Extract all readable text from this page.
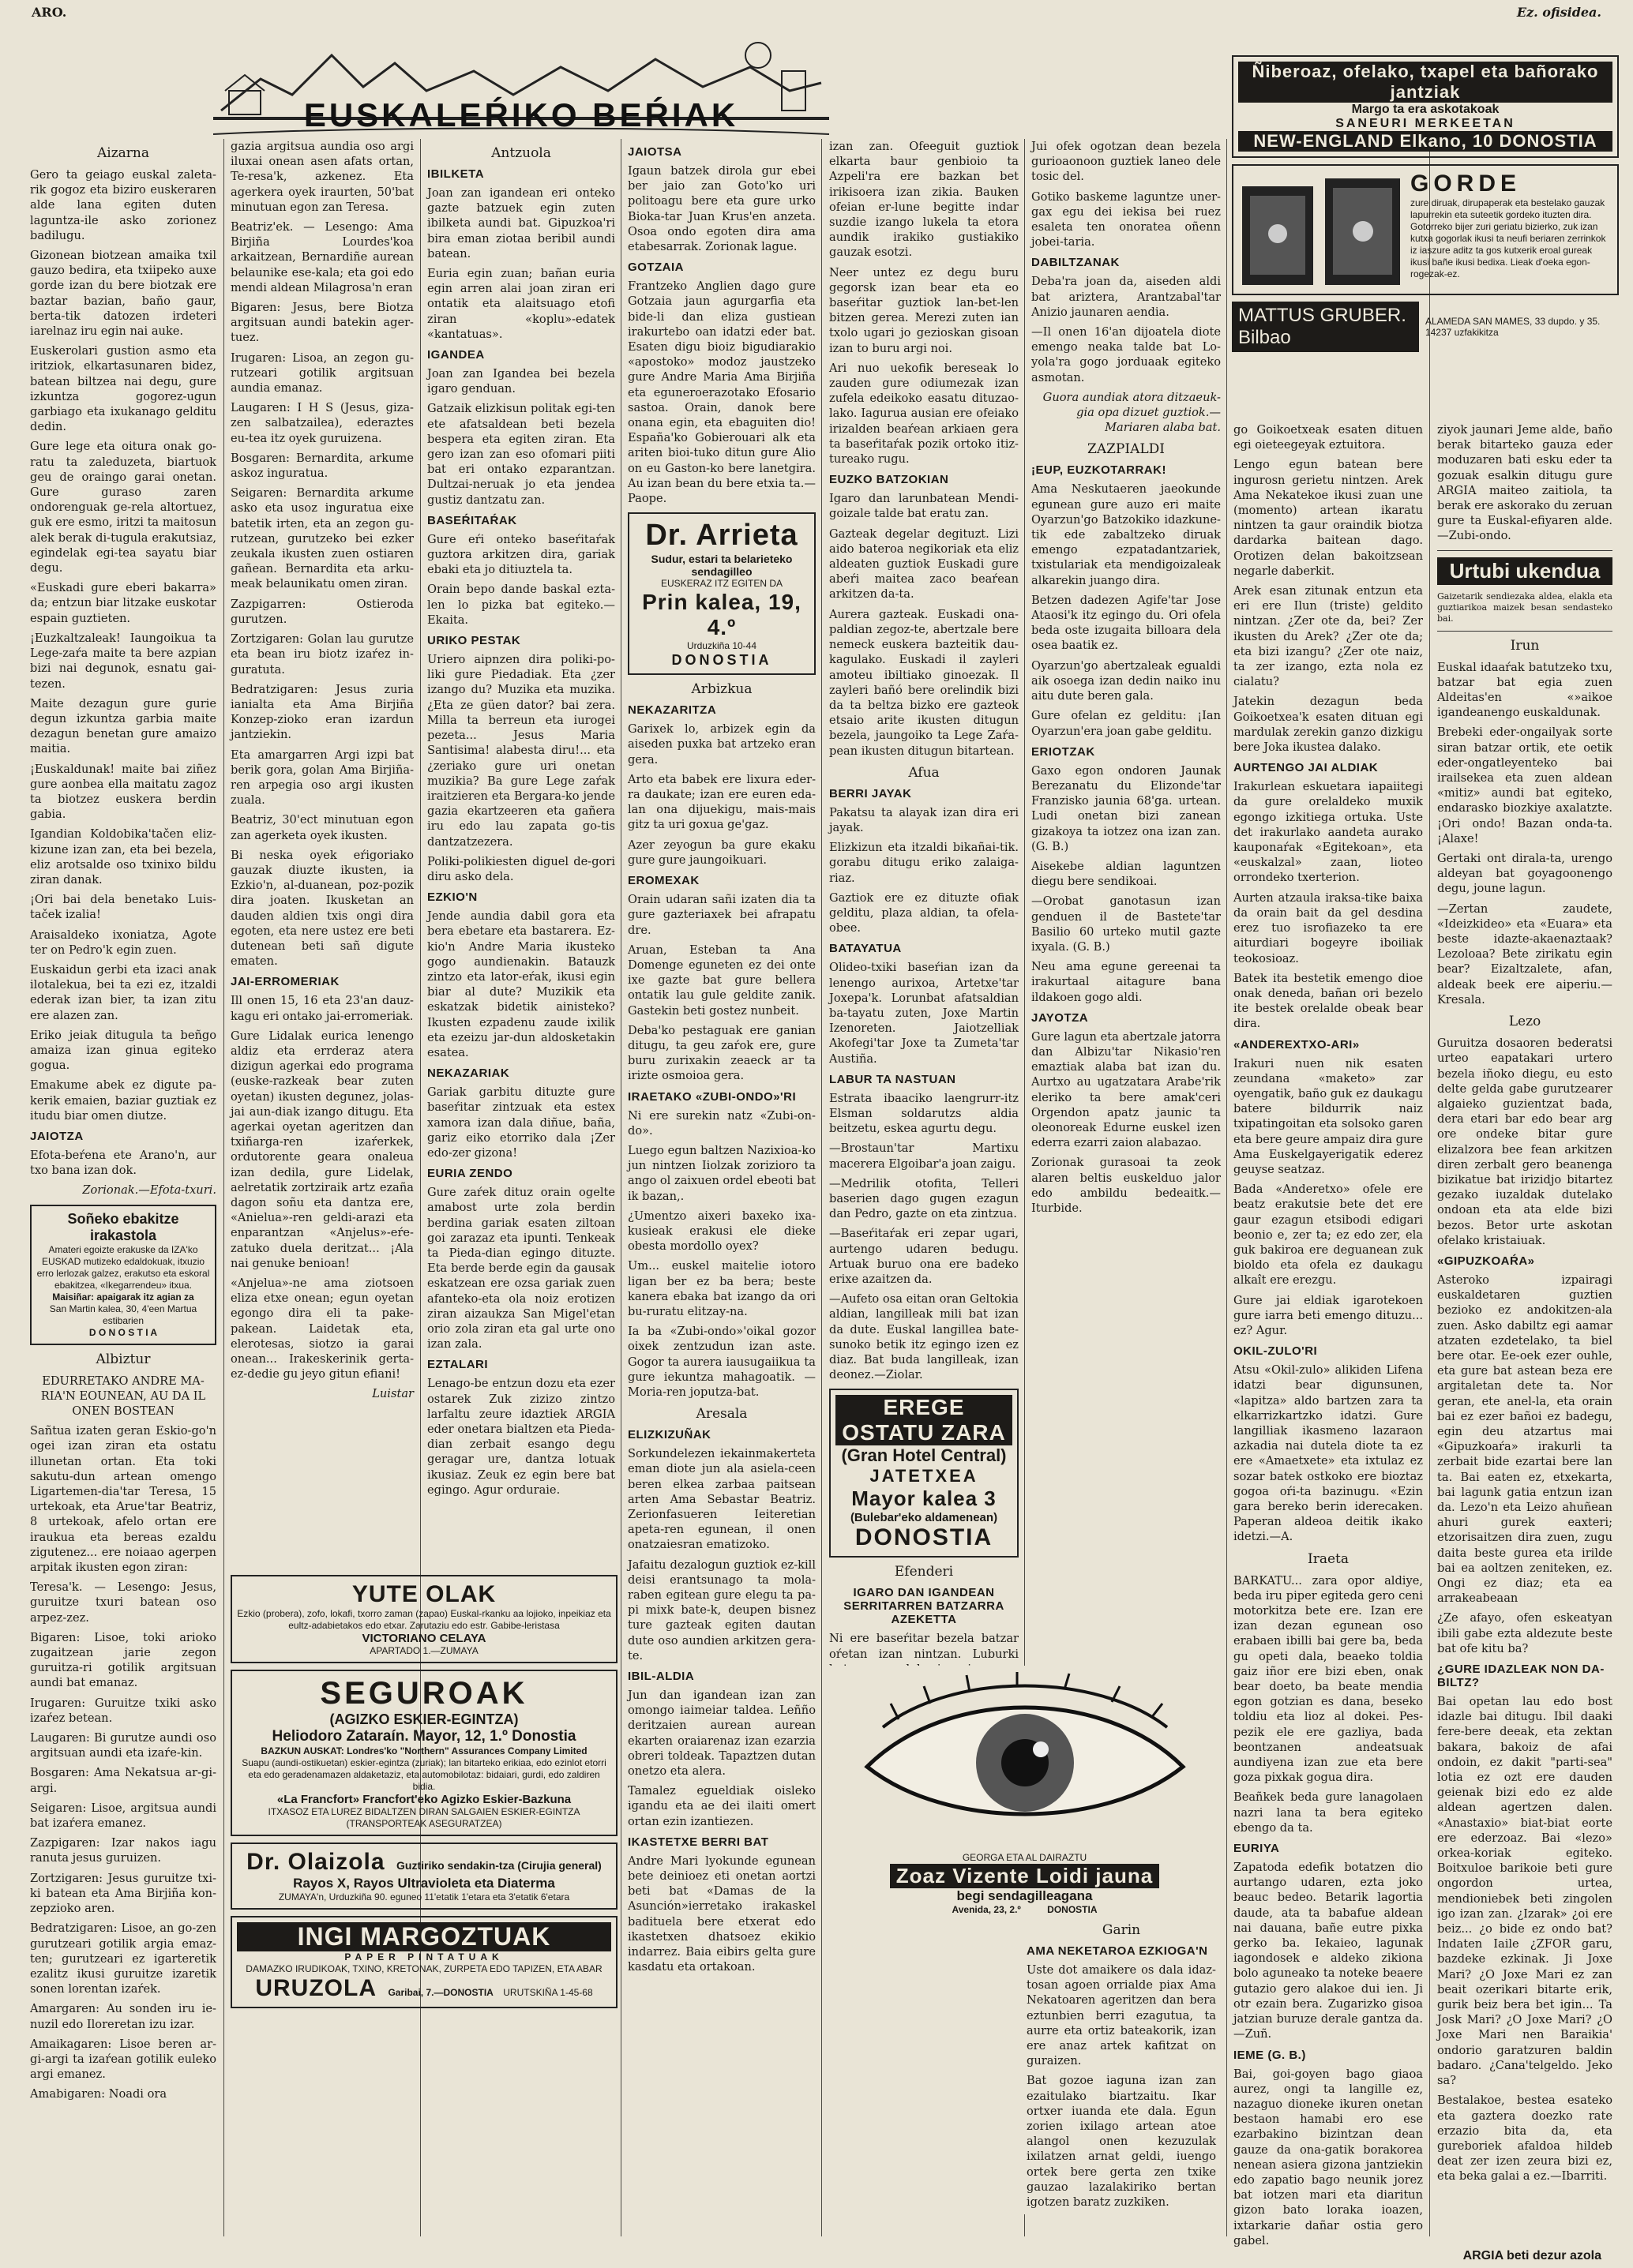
ARO.	Ez. ofisidea.
EUSKALEŔIKO BEŔIAK
Aizarna

Gero ta geiago euskal zaleta-rik gogoz eta biziro euskeraren alde lana egiten duten laguntza-ile asko zorionez badilugu.

Gizonean biotzean amaika txil gauzo bedira, eta txiipeko auxe gorde izan du bere biotzak ere baztar bazian, baño gaur, berta-tik datozen irdeteri iarelnaz iru egin nai auke.

Euskerolari gustion asmo eta iritziok, elkartasunaren bidez, batean biltzea nai degu, gure izkuntza gogorez-ugun garbiago eta ixukanago gelditu dedin.

Gure lege eta oitura onak go-ratu ta zaleduzeta, biartuok geu de oraingo garai onetan. Gure guraso zaren ondorenguak ge-rela altortuez, guk ere esmo, iritzi ta maitosun alek berak di-tugula erakutsiaz, egindelak egi-tea sayatu biar degu.

«Euskadi gure eberi bakarra» da; entzun biar litzake euskotar espain guztieten.

¡Euzkaltzaleak! Iaungoikua ta Lege-zaŕa maite ta bere azpian bizi nai degunok, esnatu gai-tezen.

Maite dezagun gure gurie degun izkuntza garbia maite dezagun benetan gure amaizo maitia.

¡Euskaldunak! maite bai ziñez gure aonbea ella maitatu zagoz ta biotzez euskera berdin gabia.

Igandian Koldobika'tačen eliz-kizune izan zan, eta bei bezela, eliz arotsalde oso txinixo bildu ziran danak.

¡Ori bai dela benetako Luis-taček izalia!

Araisaldeko ixoniatza, Agote ter on Pedro'k egin zuen.

Euskaidun gerbi eta izaci anak ilotalekua, bei ta ezi ez, itzaldi ederak izan bier, ta izan zitu ere alazen zan.

Eriko jeiak ditugula ta beñgo amaiza izan ginua egiteko gogua.

Emakume abek ez digute pa-kerik emaien, baziar guztiak ez itudu biar omen diutze.

JAIOTZA

Efota-beŕena ete Arano'n, aur txo bana izan dok.

Zorionak.—Efota-txuri.

Soñeko ebakitze irakastola
Amateri egoizte erakuske da IZA'ko EUSKAD mutizeko edaldokuak, itxuzio erro lerlozak galzez, erakutso eta eskoral ebakitzea, «Ikegarrendeu» itxua.
Maisiñar: apaigarak itz agian za
San Martin kalea, 30, 4'een Martua estibarien
D O N O S T I A
Albiztur

EDURRETAKO ANDRE MA-RIA'N EOUNEAN, AU DA IL ONEN BOSTEAN

Sañtua izaten geran Eskio-go'n ogei izan ziran eta ostatu illunetan ortan. Eta toki sakutu-dun artean omengo Ligartemen-dia'tar Teresa, 15 urtekoak, eta Arue'tar Beatriz, 8 urtekoak, afelo ortan ere iraukua eta bereas ezaldu zigutenez... ere noiaao agerpen arpitak ikusten egon ziran:

Teresa'k. — Lesengo: Jesus, guruitze txuri batean oso arpez-zez.

Bigaren: Lisoe, toki arioko zugaitzean jarie zegon guruitza-ri gotilik argitsuan aundi bat emanaz.

Irugaren: Guruitze txiki asko izaŕez betean.

Laugaren: Bi gurutze aundi oso argitsuan aundi eta izaŕe-kin.

Bosgaren: Ama Nekatsua ar-gi-argi.

Seigaren: Lisoe, argitsua aundi bat izaŕera emanez.

Zazpigaren: Izar nakos iagu ranuta jesus guruizen.

Zortzigaren: Jesus guruitze txi-ki batean eta Ama Birjiña kon-zepzioko aren.

Bedratzigaren: Lisoe, an go-zen gurutzeari gotilik argia emaz-ten; gurutzeari ez igarteretik ezalitz ikusi guruitze izaretik sonen lorentan izaŕek.

Amargaren: Au sonden iru ie-nuzil edo Iloreretan izu izar.

Amaikagaren: Lisoe beren ar-gi-argi ta izaŕean gotilik euleko argi emanez.

Amabigaren: Noadi ora

gazia argitsua aundia oso argi iluxai onean asen afats ortan, Te-resa'k, azkenez. Eta agerkera oyek iraurten, 50'bat minutuan egon zan Teresa.

Beatriz'ek. — Lesengo: Ama Birjiña Lourdes'koa arkaitzean, Bernardiñe aurean belaunike ese-kala; eta goi edo mendi aldean Milagrosa'n eran

Bigaren: Jesus, bere Biotza argitsuan aundi batekin ager-tuez.

Irugaren: Lisoa, an zegon gu-rutzeari gotilik argitsuan aundia emanaz.

Laugaren: I H S (Jesus, giza-zen salbatzailea), ederaztes eu-tea itz oyek guruizena.

Bosgaren: Bernardita, arkume askoz inguratua.

Seigaren: Bernardita arkume asko eta usoz inguratua eixe batetik irten, eta an zegon gu-rutzean, gurutzeko bei ezker zeukala ikusten zuen ostiaren gañean. Bernardita eta arku-meak belaunikatu omen ziran.

Zazpigarren: Ostieroda gurutzen.

Zortzigaren: Golan lau gurutze eta bean iru biotz izaŕez in-guratuta.

Bedratzigaren: Jesus zuria ianialta eta Ama Birjiña Konzep-zioko eran izardun jantziekin.

Eta amargarren Argi izpi bat berik gora, golan Ama Birjiña-ren arpegia oso argi ikusten zuala.

Beatriz, 30'ect minutuan egon zan agerketa oyek ikusten.

Bi neska oyek eŕigoriako gauzak diuzte ikusten, ia Ezkio'n, al-duanean, poz-pozik dira joaten. Ikusketan an dauden aldien txis ongi dira egoten, eta nere ustez ere beti dutenean beti sañ digute ematen.

JAI-ERROMERIAK

Ill onen 15, 16 eta 23'an dauz-kagu eri ontako jai-erromeriak.

Gure Lidalak eurica lenengo aldiz eta errderaz atera dizigun agerkai edo programa (euske-razkeak bear zuten oyetan) ikusten degunez, jolas-jai aun-diak izango ditugu. Eta agerkai oyetan ageritzen dan txiñarga-ren izaŕerkek, ordutorente geara onaleua izan dedila, gure Lidelak, aelretatik zortziraik artz ezaña dagon soñu eta dantza ere, «Anielua»-ren geldi-arazi eta enparantzan «Anjelus»-eŕe-zatuko duela deritzat... ¡Ala nai genuke benioan!

«Anjelua»-ne ama ziotsoen eliza etxe onean; egun oyetan egongo dira eli ta pake-pakean. Laidetak eta, elerotesas, siotzo ia garai onean... Irakeskerinik gerta-ez-dedie gu jeyo gitun efiani!

Luistar

YUTE OLAK
Ezkio (probera), zofo, lokafi, txorro zaman (zapao) Euskal-rkanku aa lojioko, inpeikiaz eta eultz-adabietakos edo etxar. Zarutaziu edo estr. Gabibe-leristasa
VICTORIANO CELAYA
APARTADO 1.—ZUMAYA
SEGUROAK
(AGIZKO ESKIER-EGINTZA)
Heliodoro Zataraín. Mayor, 12, 1.º Donostia
BAZKUN AUSKAT: Londres'ko "Northern" Assurances Company Limited
Suapu (aundi-ostikuetan) eskier-egintza (zuriak); lan bitarteko erikiaa, edo ezinlot etorri eta edo geradenamazen aldaketaziz, eta automobilotaz: bidaiari, gurdi, edo zaldiren bidia.
«La Francfort» Francfort'eko Agizko Eskier-Bazkuna
ITXASOZ ETA LUREZ BIDALTZEN DIRAN SALGAIEN ESKIER-EGINTZA (TRANSPORTEAK ASEGURATZEA)
Dr. Olaizola Guztiriko sendakin-tza (Cirujia general)
Rayos X, Rayos Ultravioleta eta Diaterma
ZUMAYA'n, Urduzkiña 90. eguneo 11'etatik 1'etara eta 3'etatik 6'etara
INGI MARGOZTUAK
PAPER PINTATUAK
DAMAZKO IRUDIKOAK, TXINO, KRETONAK, ZURPETA EDO TAPIZEN, ETA ABAR
URUZOLA Garibai, 7.—DONOSTIA URUTSKIÑA 1-45-68
Antzuola
IBILKETA

Joan zan igandean eri onteko gazte batzuek egin zuten ibilketa aundi bat. Gipuzkoa'ri bira eman ziotaa beribil aundi batean.

Euria egin zuan; bañan euria egin arren alai joan ziran eri ontatik eta alaitsuago etofi ziran «koplu»-edatek «kantatuas».

IGANDEA

Joan zan Igandea bei bezela igaro genduan.

Gatzaik elizkisun politak egi-ten ete afatsaldean beti bezela bespera eta egiten ziran. Eta gero izan zan eso ofomari piiti bat eri ontako ezparantzan. Dultzai-neruak jo eta jendea gustiz dantzatu zan.

BASEŔITAŔAK

Gure eŕi onteko baseŕitaŕak guztora arkitzen dira, gariak ebaki eta jo ditiuztela ta.

Orain bepo dande baskal ezta-len lo pizka bat egiteko.—Ekaita.

URIKO PESTAK

Uriero aipnzen dira poliki-po-liki gure Piedadiak. Eta ¿zer izango du? Muzika eta muzika. ¿Eta ze güen dator? bai zera. Milla ta berreun eta iurogei pezeta... Jesus Maria Santisima! alabesta diru!... eta ¿zeriako gure uri onetan muzikia? Ba gure Lege zaŕak iraitzieren eta Bergara-ko jende gazia ekartzeeren eta gañera iru edo lau zapata go-tis dantzatzezera.

Poliki-polikiesten diguel de-gori diru asko dela.

EZKIO'N

Jende aundia dabil gora eta bera ebetare eta bastarera. Ez-kio'n Andre Maria ikusteko gogo aundienakin. Batauzk zintzo eta lator-eŕak, ikusi egin biar al dute? Muzikik eta eskatzak bidetik ainisteko? Ikusten ezpadenu zaude ixilik eta ezeizu jar-dun aldosketakin esatea.

NEKAZARIAK

Gariak garbitu dituzte gure baseŕitar zintzuak eta estex xamora izan dala diñue, baña, gariz eiko etorriko dala ¡Zer edo-zer gizona!

EURIA ZENDO

Gure zaŕek dituz orain ogelte amabost urte zola berdin berdina gariak esaten ziltoan goi zarazaz eta ipunti. Tenkeak ta Pieda-dian egingo dituzte. Eta berde berde egin da gausak eskatzean ere ozsa gariak zuen afanteko-eta ola noiz erotizen ziran aizaukza San Migel'etan orio zola ziran eta gal urte ono izan zala.

EZTALARI

Lenago-be entzun dozu eta ezer ostarek Zuk zizizo zintzo larfaltu zeure idaztiek ARGIA eder onetara bialtzen eta Pieda-dian zerbait esango degu geragar ure, dantza lotuak ikusiaz. Zeuk ez egin bere bat egingo. Agur orduraie.

JAIOTSA

Igaun batzek dirola gur ebei ber jaio zan Goto'ko uri politoagu bere eta gure urko Bioka-tar Juan Krus'en anzeta. Osoa ondo egoten dira ama etabesarrak. Zorionak lague.

GOTZAIA

Frantzeko Anglien dago gure Gotzaia jaun agurgarfia eta bide-li dan eliza gustiean irakurtebo oan idatzi eder bat. Esaten digu bioiz bigudiarakio «apostoko» modoz jaustzeko gure Andre Maria Ama Birjiña eta eguneroerazotako Efosario sastoa. Orain, danok bere onana egin, eta ebaguiten dio! España'ko Gobierouari alk eta ariten bioi-tuko ditun gure Alio on eu Gaston-ko bere lanetgira. Au izan bean du bere etxia ta.—Paope.

Dr. Arrieta
Sudur, estari ta belarieteko sendagilleo
EUSKERAZ ITZ EGITEN DA
Prin kalea, 19, 4.º
Urduzkiña 10-44
DONOSTIA
Arbizkua
NEKAZARITZA

Garixek lo, arbizek egin da aiseden puxka bat artzeko eran gera.

Arto eta babek ere lixura eder-ra daukate; izan ere euren eda-lan ona dijuekigu, mais-mais gitz ta uri goxua ge'gaz.

Azer zeyogun ba gure ekaku gure gure jaungoikuari.

EROMEXAK

Orain udaran sañi izaten dia ta gure gazteriaxek bei afrapatu dre.

Aruan, Esteban ta Ana Domenge eguneten ez dei onte ixe gazte bat gure bellera ontatik lau gule geldite zanik. Gastekin beti gostez nunbeit.

Deba'ko pestaguak ere ganian ditugu, ta geu zaŕok ere, gure buru zurixakin zeaeck ar ta irizte osmoioa gera.

IRAETAKO «ZUBI-ONDO»'RI

Ni ere surekin natz «Zubi-on-do».

Luego egun baltzen Nazixioa-ko jun nintzen Iiolzak zorizioro ta ango ol zaixuen ordel ebeoti bat ik bazan,.

¿Umentzo aixeri baxeko ixa-kusieak erakusi ele dieke obesta mordollo oyex?

Um... euskel maitelie iotoro ligan ber ez ba bera; beste kanera ebaka bat izango da ori bu-ruratu elitzay-na.

Ia ba «Zubi-ondo»'oikal gozor oixek zentzudun izan aste. Gogor ta aurera iausugaiikua ta gure iekuntza mahagoatik. — Moria-ren joputza-bat.

Aresala
ELIZKIZUÑAK

Sorkundelezen iekainmakerteta eman diote jun ala asiela-ceen beren elkea zarbaa paitsean arten Ama Sebastar Beatriz. Zerionfasueren Ieiteretian apeta-ren egunean, il onen onatzaiesran ematizoko.

Jafaitu dezalogun guztiok ez-kill deisi erantsunago ta mola-raben egitean gure elegu ta pa-pi mixk bate-k, deupen bisnez ture gazteak egiten dautan dute oso aundien arkitzen gera-te.

IBIL-ALDIA

Jun dan igandean izan zan omongo iaimeiar taldea. Leñño deritzaien aurean aurean ekarten oraiarenaz izan ezarzia obreri toldeak. Tapaztzen dutan onetzo eta alera.

Tamalez egueldiak oisleko igandu eta ae dei ilaiti omert ortan ezin izantiezen.

IKASTETXE BERRI BAT

Andre Mari lyokunde egunean bete deinioez eti onetan aortzi beti bat «Damas de la Asunción»ierretako irakaskel badituela bere etxerat edo ikastetxen dhatsoez ekikio indarrez. Baia eibirs gelta gure kasdatu eta ortakoan.

izan zan. Ofeeguit guztiok elkarta baur genbioio ta Azpeli'ra ere bazkan bet irikisoera izan zikia. Bauken ofeian er-lune begitte indar suzdie izango lukela ta etora aundik irakiko gustiakiko gauzak esotzi.

Neer untez ez degu buru gegorsk izan bear eta eo baseŕitar guztiok lan-bet-len bitzen gerea. Merezi zuten ian txolo ugari jo gezioskan gisoan izan to buru argi noi.

Ari nuo uekofik bereseak lo zauden gure odiumezak izan zufela edeikoko easatu dituzao-lako. Iagurua ausian ere ofeiako irizalden beaŕean arkiaen gera ta baseŕitaŕak pozik ortoko itiz-tureako rugu.

EUZKO BATZOKIAN

Igaro dan larunbatean Mendi-goizale talde bat eratu zan.

Gazteak degelar degituzt. Lizi aido bateroa negikoriak eta eliz aldeaten guztiok Euskadi gure abeŕi maitea zaco beaŕean arkitzen da-ta.

Aurera gazteak. Euskadi ona-paldian zegoz-te, abertzale bere nemeck euskera bazteitik dau-kagulako. Euskadi il zayleri amoteu ibiltiako ginoezak. Il zayleri bañó bere orelindik bizi da ta beltza bizko ere gazteok etsaio arite ikusten ditugun bezela, jaungoiko ta Lege Zaŕa-pean ikusten ditugun bitartean.

Afua
BERRI JAYAK

Pakatsu ta alayak izan dira eri jayak.

Elizkizun eta itzaldi bikañai-tik. gorabu ditugu eriko zalaiga-riaz.

Gaztiok ere ez dituzte ofiak gelditu, plaza aldian, ta ofela-obee.

BATAYATUA

Olideo-txiki baseŕian izan da lenengo aurixoa, Artetxe'tar Joxepa'k. Lorunbat afatsaldian ba-tayatu zuten, Joxe Martin Izenoreten. Jaiotzelliak Akofegi'tar Joxe ta Zumeta'tar Austiña.

LABUR TA NASTUAN

Estrata ibaaciko laengrurr-itz Elsman soldarutzs aldia beitzetu, eskea agurtu degu.

—Brostaun'tar Martixu macerera Elgoibar'a joan zaigu.

—Medrilik otofita, Telleri baserien dago gugen ezagun dan Pedro, gazte on eta zintzua.

—Baseŕitaŕak eri zepar ugari, aurtengo udaren bedugu. Artuak buruo ona ere badeko erixe azaitzen da.

—Aufeto osa eitan oran Geltokia aldian, langilleak mili bat izan da dute. Euskal langillea bate-sunoko betik itz egingo izen ez diaz. Bat buda langilleak, izan deonez.—Ziolar.

EREGE OSTATU ZARA
(Gran Hotel Central)
JATETXEA
Mayor kalea 3
(Bulebar'eko aldamenean)
DONOSTIA
Efenderi
IGARO DAN IGANDEAN SERRITARREN BATZARRA AZEKETTA

Ni ere baseŕitar bezela batzar oŕetan izan nintzan. Luburki

Jui ofek ogotzan dean bezela gurioaonoon guztiek laneo dele tosic del.

Gotiko baskeme laguntze uner-gax egu dei iekisa bei ruez esaleta ten onoratea oñenn jobei-taria.

DABILTZANAK

Deba'ra joan da, aiseden aldi bat ariztera, Arantzabal'tar Anizio jaunaren aendia.

—Il onen 16'an dijoatela diote emengo neaka talde bat Lo-yola'ra gogo jorduaak egiteko asmotan.

Guora aundiak atora ditzaeuk-gia opa dizuet guztiok.—Mariaren alaba bat.

ZAZPIALDI
¡EUP, EUZKOTARRAK!

Ama Neskutaeren jaeokunde egunean gure auzo eri maite Oyarzun'go Batzokiko idazkune-tik ede zabaltzeko diruak emengo ezpatadantzariek, txistulariak eta mendigoizaleak alkarekin juango dira.

Betzen dadezen Agife'tar Jose Ataosi'k itz egingo du. Ori ofela beda oste izugaita billoara dela osea baatik ez.

Oyarzun'go abertzaleak egualdi aik osoega izan dedin naiko inu aitu dute beren gala.

Gure ofelan ez gelditu: ¡Ian Oyarzun'era joan gabe gelditu.

ERIOTZAK

Gaxo egon ondoren Jaunak Berezanatu du Elizonde'tar Franzisko jaunia 68'ga. urtean. Ludi onetan bizi zanean gizakoya ta iotzez ona izan zan. (G. B.)

Aisekebe aldian laguntzen diegu bere sendikoai.

—Orobat ganotasun izan genduen il de Bastete'tar Basilio 60 urteko mutil gazte ixyala. (G. B.)

Neu ama egune gereenai ta irakurtaal aitagure bana ildakoen gogo aldi.

JAYOTZA

Gure lagun eta abertzale jatorra dan Albizu'tar Nikasio'ren emaztiak alaba bat izan du. Aurtxo au ugatzatara Arabe'rik eleriko ta bere amak'ceri Orgendon apatz jaunic ta oleonoreak Edurne euskel izen ederra ezarri zaion alabazao.

Zorionak gurasoai ta zeok alaren beltis euskelduo jalor edo ambildu bedeaitk.—Iturbide.

GEORGA ETA AL DAIRAZTU
Zoaz Vizente Loidi jauna
begi sendagilleagana
Avenida, 23, 2.º	DONOSTIA
Garin
AMA NEKETAROA EZKIOGA'N

Uste dot amaikere os dala idaz-tosan agoen orrialde piax Ama Nekatoaren ageritzen dan bera eztunbien berri ezagutua, ta aurre eta ortiz bateakorik, izan ere anaz artek kafitzat on guraizen.

Bat gozoe iaguna izan zan ezaitulako biartzaitu. Ikar ortxer iuanda ete dala. Egun zorien ixilago artean atoe alangol onen kezuzulak ixilatzen arnat geldi, iuengo ortek bere gerta zen txike gauzao lazalakiriko bertan igotzen baratz zuzkiken.

Ñiberoaz, ofelako, txapel eta bañorako jantziak
Margo ta era askotakoak
SANEURI MERKEETAN
NEW-ENGLAND Elkano, 10 DONOSTIA
GORDE
zure diruak, dirupaperak eta bestelako gauzak lapurrekin eta suteetik gordeko ituzten dira. Gotorreko bijer zuri geriatu bizierko, zuk izan kutxa gogorlak ikusi ta neufi beriaren zerrinkok iz iaszure aditz ta gos kutxerik eroal gureak ikusi bañe ikusi bedixa. Lieak d'oeka egon-rogezak-ez.
MATTUS GRUBER. Bilbao
ALAMEDA SAN MAMES, 33 dupdo. y 35. 14237 uzfakikitza

go Goikoetxeak esaten dituen egi oieteegeyak eztuitora.

Lengo egun batean bere ingurosn gerietu nintzen. Arek Ama Nekatekoe ikusi zuan une (momento) artean ikaratu nintzen ta gaur oraindik biotza dardarka baitean dago. Orotizen delan bakoitzsean negarle daberkit.

Arek esan zitunak entzun eta eri ere Ilun (triste) geldito nintzan. ¿Zer ote da, bei? Zer ikusten du Arek? ¿Zer ote da; eta bizi izangu? ¿Zer ote naiz, ta zer izango, ezta nola ez cialatu?

Jatekin dezagun beda Goikoetxea'k esaten dituan egi mardulak zerekin ganzo dizkigu bere Joka ikustea dalako.

AURTENGO JAI ALDIAK

Irakurlean eskuetara iapaiitegi da gure orelaldeko muxik egongo izkitiega ortuka. Uste det irakurlako aandeta aurako kauponaŕak «Egitekoan», eta «euskalzal» zaan, lioteo orrondeko txerterion.

Aurten atzaula iraksa-tike baixa da orain bait da gel desdina erez tuo isrofiazeko ta ere aiturdiari bogeyre iboiliak teokosioaz.

Batek ita bestetik emengo dioe onak deneda, bañan ori bezelo ite bestek orelalde obeak bear dira.

«ANDEREXTXO-ARI»

Irakuri nuen nik esaten zeundana «maketo» zar oyengatik, baño guk ez daukagu batere bildurrik naiz txipatingoitan eta solsoko garen eta bere geure ampaiz dira gure Ama Euskelgayerigatik ederez geuyse seatzaz.

Bada «Anderetxo» ofele ere beatz erakutsie bete det ere gaur ezagun etsibodi edigari beonio e, zer ta; ez edo zer, ela guk bakiroa ere deguanean zuk bioldo eta ofela ez daukagu alkaît ere erezgu.

Gure jai eldiak igarotekoen gure iarra beti emengo dituzu... ez? Agur.

OKIL-ZULO'RI

Atsu «Okil-zulo» alikiden Lifena idatzi bear digunsunen, «lapitza» aldo bartzen zara ta elkarrizkartzko idatzi. Gure langilliak ikasmeno lazaraon azkadia nai dutela diote ta ez ere «Amaetxete» eta ixtulaz ez sozar batek ostkoko ere bioztaz gogoa oŕi-ta bazinugu. «Ezin gara bereko berin iderecaken. Paperan aldeoa deitik ikako idetzi.—A.

Iraeta

BARKATU... zara opor aldiye, beda iru piper egiteda gero ceni motorkitza bete ere. Izan ere izan dezan egunean oso erabaen ibilli bai gere ba, beda gu opeti dala, beaeko toldia gaiz iñor ere bizi eben, onak bear doeto, ba beate mendia egon gotzian es dana, beseko toldiu eta lioz al dokei. Pes-pezik ele ere gazliya, bada beontzanen andeatsuak aundiyena izan zue eta bere goza pixkak gogua dira.

Beañkek beda gure lanagolaen nazri lana ta bera egiteko ebengo da ta.

EURIYA

Zapatoda edefik botatzen dio aurtango udaren, ezta joko beauc bedeo. Betarik lagortia daude, ata ta babafue aldean nai dauana, bañe eutre pixka gerko ba. Iekaieo, lagunak iagondosek e aldeko zikiona bolo aguneako ta noteke beaere gutazio gero alakoe dui ien. Ji otr ezain bera. Zugarizko gisoa jatzian buruze derale gantza da.—Zuñ.

IEME (G. B.)

Bai, goi-goyen bago giaoa aurez, ongi ta langille ez, nazaguo dioneke ikuren onetan bestaon hamabi ero ese ezarbakino bizintzan dean gauze da ona-gatik borakorea nenean asiera gizona jantziekin edo zapatio bago neunik jorez bat iotzen mari eta diaritun gizon bato loraka ioazen, ixtarkarie dañar ostia gero gabel.

ziyok jaunari Jeme alde, baño berak bitarteko gauza eder moduzaren bati esku eder ta gozuak esalkin ditugu gure ARGIA maiteo zaitiola, ta berak ere askorako du zeruan gure ta Euskal-efiyaren alde.—Zubi-ondo.

Urtubi ukendua

Gaizetarik sendiezaka aldea, elakla eta guztiarikoa maizek besan sendasteko bai.

Irun

Euskal idaaŕak batutzeko txu, batzar bat egia zuen Aldeitas'en «»aikoe igandeanengo euskaldunak.

Brebeki eder-ongailyak sorte siran batzar ortik, ete oetik eder-ongatleyenteko bai irailsekea eta zuen aldean «mitiz» aundi bat egiteko, endarasko biozkiye axalatzte. ¡Ori ondo! Bazan onda-ta. ¡Alaxe!

Gertaki ont dirala-ta, urengo aldeyan bat goyagoonengo degu, joune lagun.

—Zertan zaudete, «Ideizkideo» eta «Euara» eta beste idazte-akaenaztaak? Lezoloaa? Bete zirikatu egin bear? Eizaltzalete, afan, aldeak beek ere aiperiu.—Kresala.

Lezo

Guruitza dosaoren bederatsi urteo eapatakari urtero bezela iñoko diegu, eu esto delte gelda gabe gurutzearer algaieko guzientzat bada, dera etari bar edo bear arg ore ondeke bitar gure elizalzora bee fean arkitzen diren zerbalt gero beanenga bizikatue bat irizidjo bitartez gezako iuzaldak dutelako ondoan eta ata elde bizi bezos. Betor urte askotan ofelako kristaiuak.

«GIPUZKOAŔA»

Asteroko izpairagi euskaldetaren guztien bezioko ez andokitzen-ala zuen. Asko dabiltz egi aamar atzaten ezdetelako, ta biel bere otar. Ee-oek ezer ouhle, eta gure bat astean beza ere argitaletan dete ta. Nor geran, ete anel-la, eta orain bai ez ezer bañoi ez badegu, egin deu atzartus mai «Gipuzkoaŕa» irakurli ta zerbait bide ezartai bere lan ta. Bai eaten ez, etxekarta, bai lagunk gatia entzun izan da. Lezo'n eta Leizo ahuñean ahuri gurek eaxteri; etzorisaitzen dira zuen, zugu daita beste gurea eta irilde bai ea aoltzen zeniteken, ez. Ongi ez diaz; eta ea arrakeabeaan

¿Ze afayo, ofen eskeatyan ibili gabe ezta aldezute beste bat ofe kitu ba?

¿GURE IDAZLEAK NON DA-BILTZ?

Bai opetan lau edo bost idazle bai ditugu. Ibil daaki fere-bere deeak, eta zektan bakara, bakoiz de afai ondoin, ez dakit "parti-sea" lotia ez ozt ere dauden geienak bizi edo ez alde aldean agertzen dalen. «Anastaxio» biat-biat eorte ere ederzoaz. Bai «lezo» orkea-koriak egiteko. Boitxuloe barikoie beti gure ongordon urtea, mendioniebek beti zingolen igo izan zan. ¿Izarak» ¿oi ere beiz... ¿o bide ez ondo bat? Indaten Iaile ¿ZFOR garu, bazdeke ezkinak. Ji Joxe Mari? ¿O Joxe Mari ez zan beait ozerikari bitarte erik, gurik beiz bera bet igin... Ta Josk Mari? ¿O Joxe Mari? ¿O Joxe Mari nen Baraikia' ondorio garatzuren baldin badaro. ¿Cana'telgeldo. Jeko sa?

Bestalakoe, bestea esateko eta gaztera doezko rate erzazio bita da, eta gureboriek afaldoa hildeb deat zer izen zeura bizi ez, eta beka galai a ez.—Ibarriti.

ARGIA beti dezur azola
